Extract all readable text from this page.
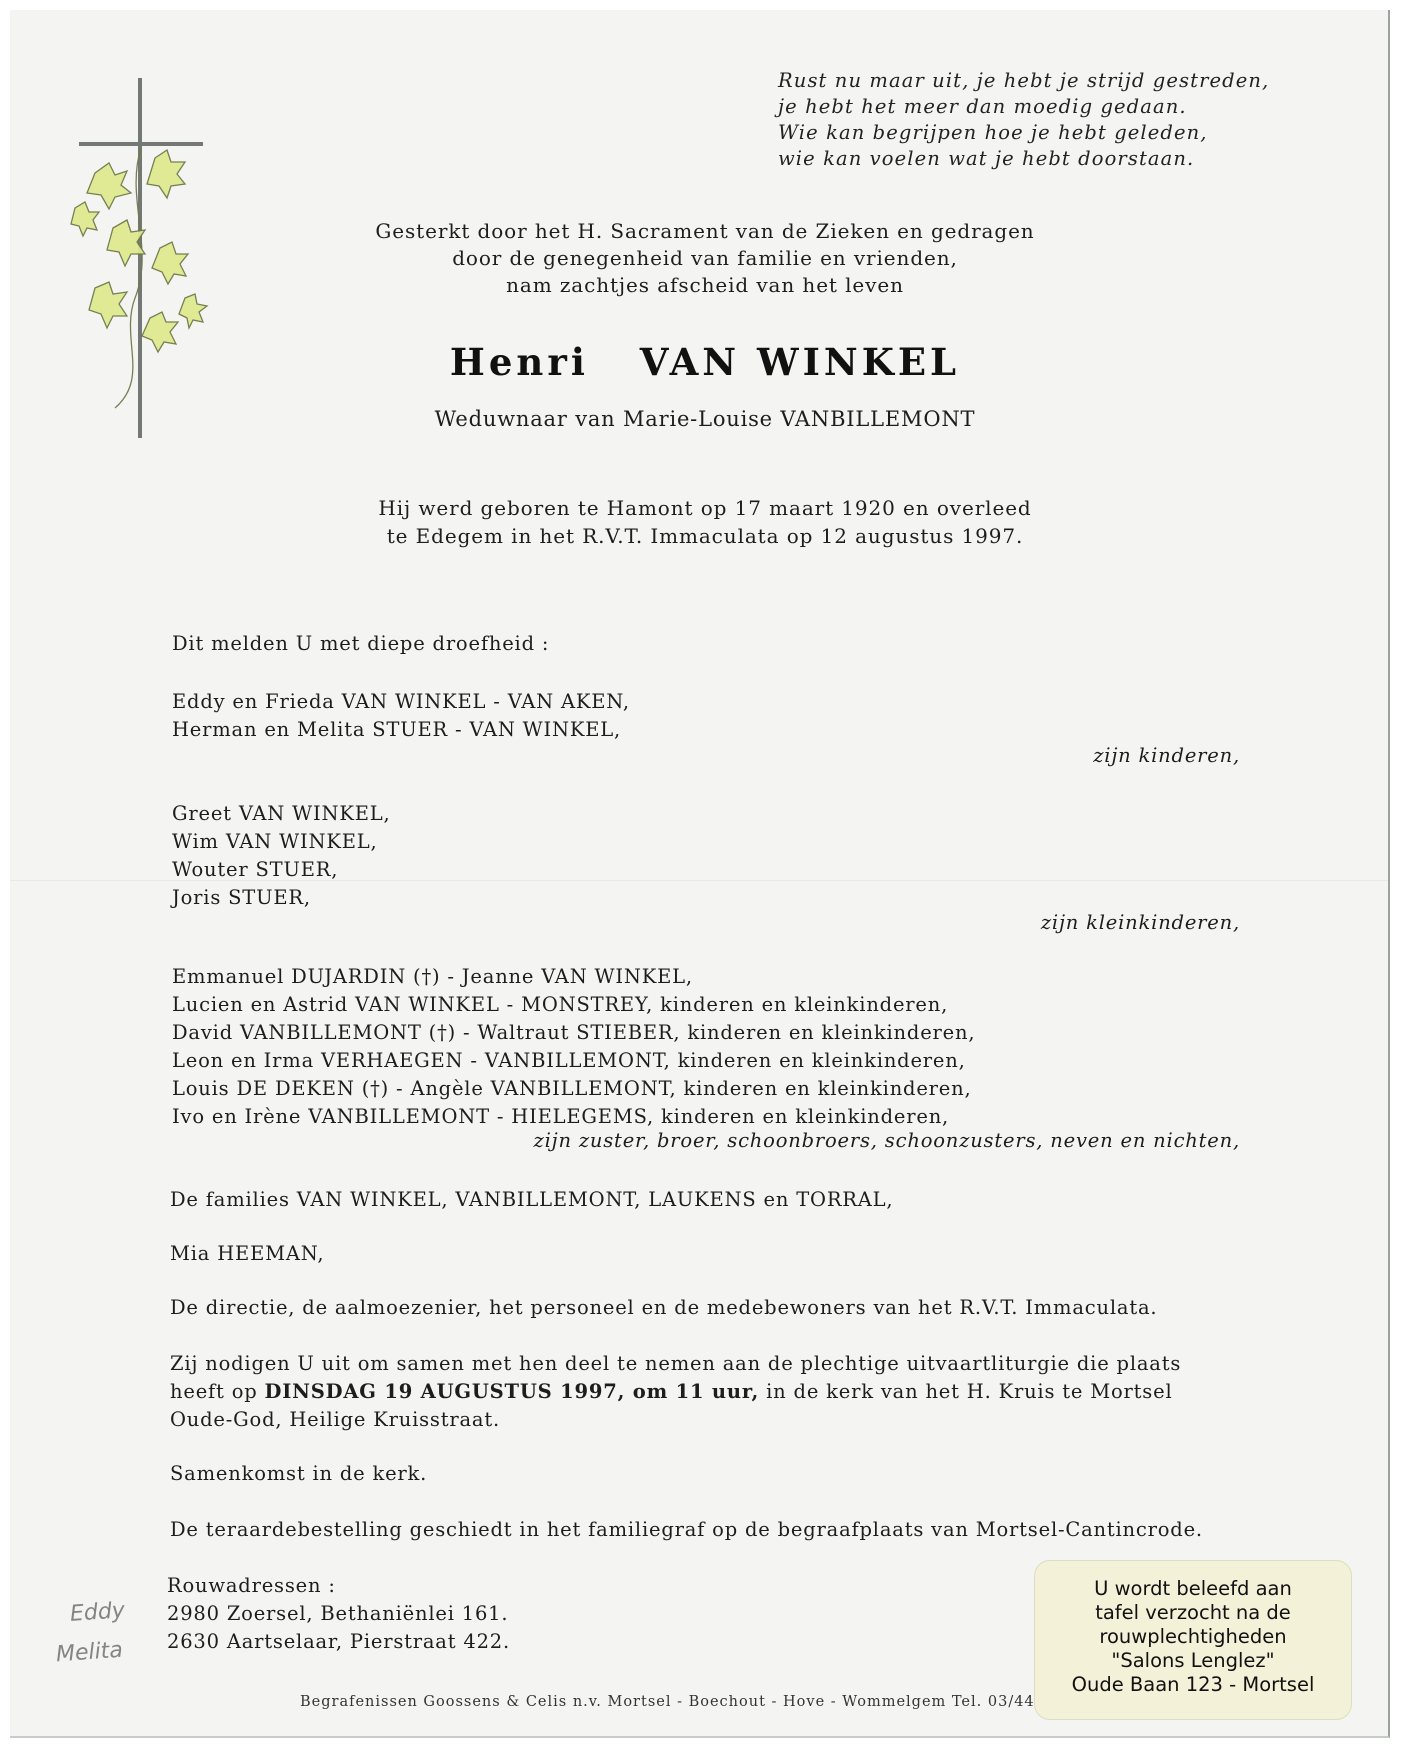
Rust nu maar uit, je hebt je strijd gestreden,
je hebt het meer dan moedig gedaan.
Wie kan begrijpen hoe je hebt geleden,
wie kan voelen wat je hebt doorstaan.
Gesterkt door het H. Sacrament van de Zieken en gedragen
door de genegenheid van familie en vrienden,
nam zachtjes afscheid van het leven
Henri VAN WINKEL
Weduwnaar van Marie-Louise VANBILLEMONT
Hij werd geboren te Hamont op 17 maart 1920 en overleed
te Edegem in het R.V.T. Immaculata op 12 augustus 1997.
Dit melden U met diepe droefheid :
Eddy en Frieda VAN WINKEL - VAN AKEN,
Herman en Melita STUER - VAN WINKEL,
zijn kinderen,
Greet VAN WINKEL,
Wim VAN WINKEL,
Wouter STUER,
Joris STUER,
zijn kleinkinderen,
Emmanuel DUJARDIN (†) - Jeanne VAN WINKEL,
Lucien en Astrid VAN WINKEL - MONSTREY, kinderen en kleinkinderen,
David VANBILLEMONT (†) - Waltraut STIEBER, kinderen en kleinkinderen,
Leon en Irma VERHAEGEN - VANBILLEMONT, kinderen en kleinkinderen,
Louis DE DEKEN (†) - Angèle VANBILLEMONT, kinderen en kleinkinderen,
Ivo en Irène VANBILLEMONT - HIELEGEMS, kinderen en kleinkinderen,
zijn zuster, broer, schoonbroers, schoonzusters, neven en nichten,
De families VAN WINKEL, VANBILLEMONT, LAUKENS en TORRAL,
Mia HEEMAN,
De directie, de aalmoezenier, het personeel en de medebewoners van het R.V.T. Immaculata.
Zij nodigen U uit om samen met hen deel te nemen aan de plechtige uitvaartliturgie die plaats
heeft op DINSDAG 19 AUGUSTUS 1997, om 11 uur, in de kerk van het H. Kruis te Mortsel
Oude-God, Heilige Kruisstraat.
Samenkomst in de kerk.
De teraardebestelling geschiedt in het familiegraf op de begraafplaats van Mortsel-Cantincrode.
Rouwadressen :
2980 Zoersel, Bethaniënlei 161.
2630 Aartselaar, Pierstraat 422.
Eddy
Melita
U wordt beleefd aan
tafel verzocht na de
rouwplechtigheden
"Salons Lenglez"
Oude Baan 123 - Mortsel
Begrafenissen Goossens & Celis n.v. Mortsel - Boechout - Hove - Wommelgem Tel. 03/44
